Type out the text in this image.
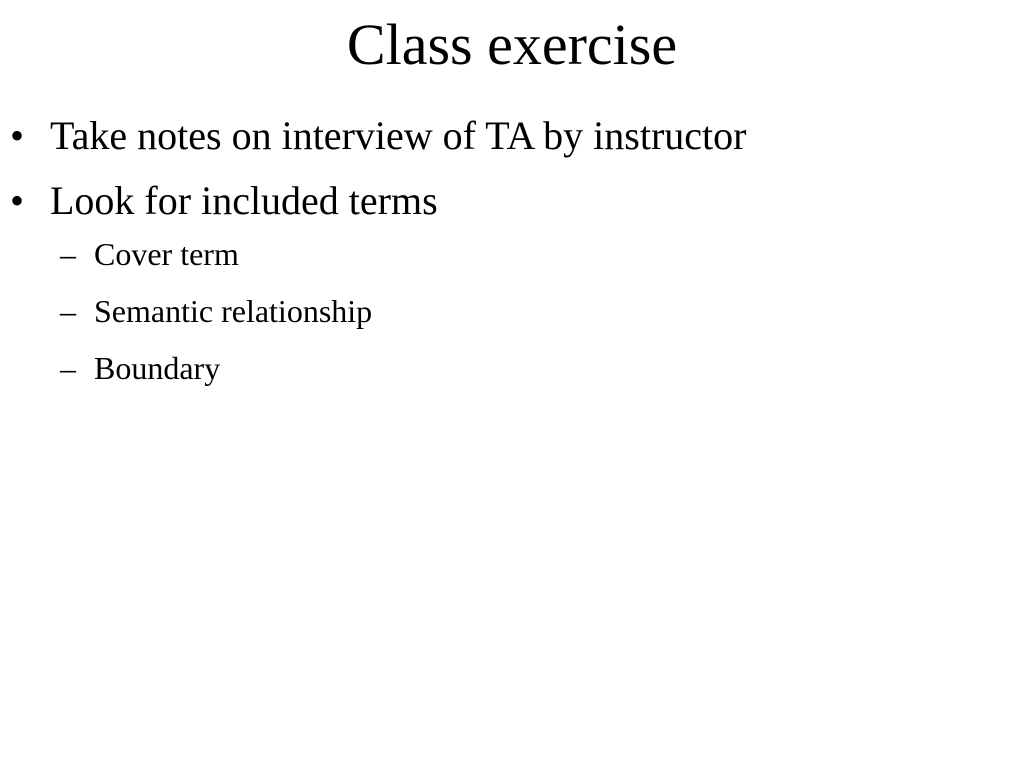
Class exercise
• Take notes on interview of TA by instructor
• Look for included terms
– Cover term
– Semantic relationship
– Boundary
